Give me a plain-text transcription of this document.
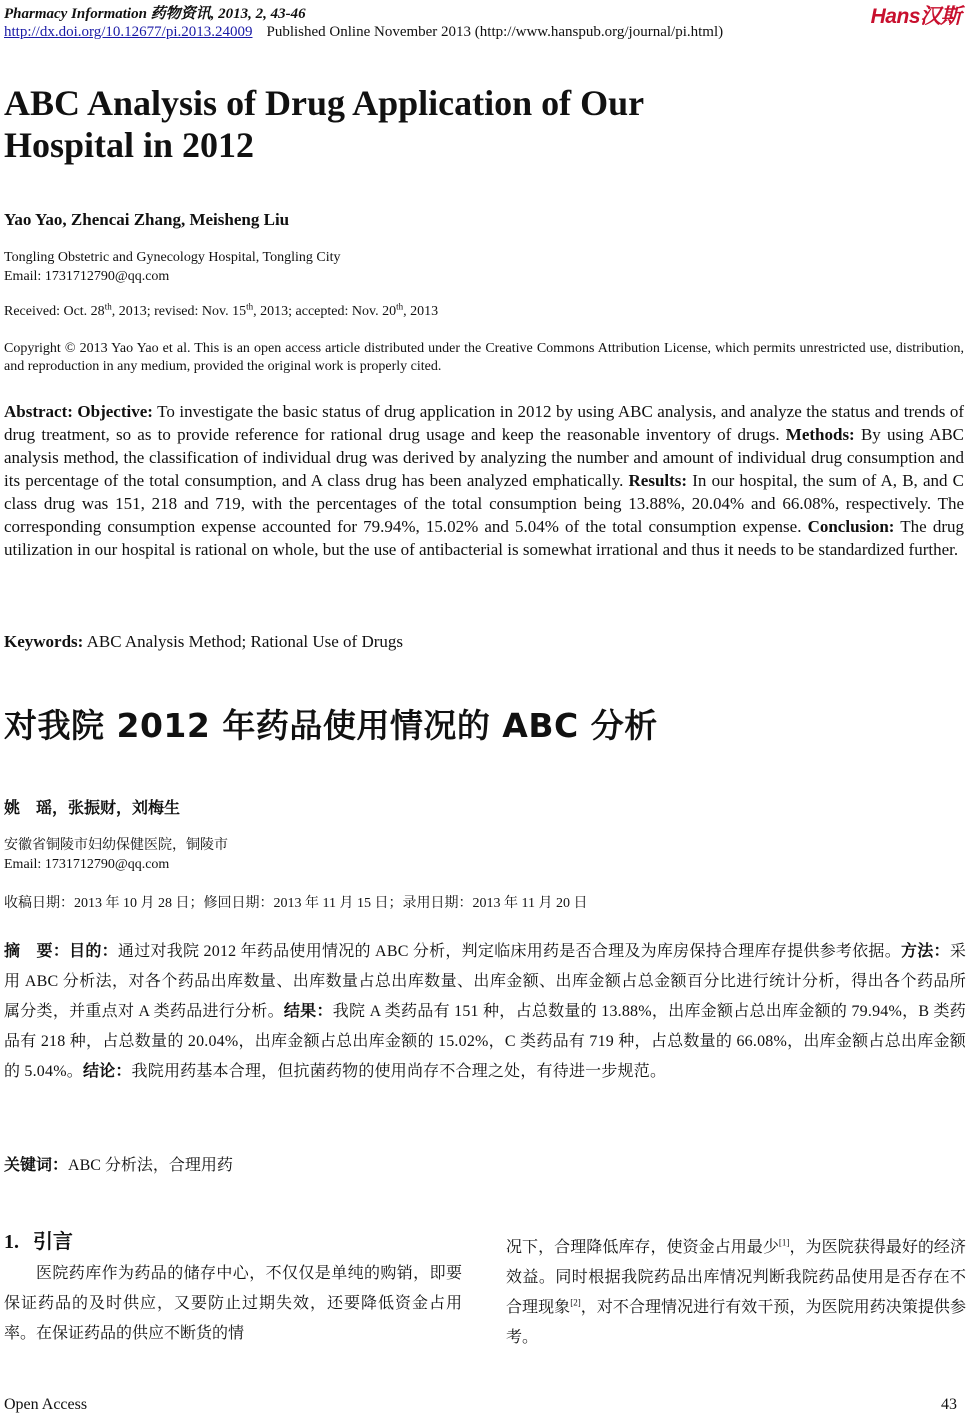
Pharmacy Information 药物资讯, 2013, 2, 43-46	Hans汉斯
http://dx.doi.org/10.12677/pi.2013.24009 Published Online November 2013 (http://www.hanspub.org/journal/pi.html)
ABC Analysis of Drug Application of Our Hospital in 2012
Yao Yao, Zhencai Zhang, Meisheng Liu
Tongling Obstetric and Gynecology Hospital, Tongling City
Email: 1731712790@qq.com
Received: Oct. 28th, 2013; revised: Nov. 15th, 2013; accepted: Nov. 20th, 2013
Copyright © 2013 Yao Yao et al. This is an open access article distributed under the Creative Commons Attribution License, which permits unrestricted use, distribution, and reproduction in any medium, provided the original work is properly cited.
Abstract: Objective: To investigate the basic status of drug application in 2012 by using ABC analysis, and analyze the status and trends of drug treatment, so as to provide reference for rational drug usage and keep the reasonable inventory of drugs. Methods: By using ABC analysis method, the classification of individual drug was derived by analyzing the number and amount of individual drug consumption and its percentage of the total consumption, and A class drug has been analyzed emphatically. Results: In our hospital, the sum of A, B, and C class drug was 151, 218 and 719, with the percentages of the total consumption being 13.88%, 20.04% and 66.08%, respectively. The corresponding consumption expense accounted for 79.94%, 15.02% and 5.04% of the total consumption expense. Conclusion: The drug utilization in our hospital is rational on whole, but the use of antibacterial is somewhat irrational and thus it needs to be standardized further.
Keywords: ABC Analysis Method; Rational Use of Drugs
对我院 2012 年药品使用情况的 ABC 分析
姚　瑶，张振财，刘梅生
安徽省铜陵市妇幼保健医院，铜陵市
Email: 1731712790@qq.com
收稿日期：2013 年 10 月 28 日；修回日期：2013 年 11 月 15 日；录用日期：2013 年 11 月 20 日
摘　要：目的：通过对我院 2012 年药品使用情况的 ABC 分析，判定临床用药是否合理及为库房保持合理库存提供参考依据。方法：采用 ABC 分析法，对各个药品出库数量、出库数量占总出库数量、出库金额、出库金额占总金额百分比进行统计分析，得出各个药品所属分类，并重点对 A 类药品进行分析。结果：我院 A 类药品有 151 种，占总数量的 13.88%，出库金额占总出库金额的 79.94%，B 类药品有 218 种，占总数量的 20.04%，出库金额占总出库金额的 15.02%，C 类药品有 719 种，占总数量的 66.08%，出库金额占总出库金额的 5.04%。结论：我院用药基本合理，但抗菌药物的使用尚存不合理之处，有待进一步规范。
关键词：ABC 分析法，合理用药
1. 引言

医院药库作为药品的储存中心，不仅仅是单纯的购销，即要保证药品的及时供应，又要防止过期失效，还要降低资金占用率。在保证药品的供应不断货的情

况下，合理降低库存，使资金占用最少[1]，为医院获得最好的经济效益。同时根据我院药品出库情况判断我院药品使用是否存在不合理现象[2]，对不合理情况进行有效干预，为医院用药决策提供参考。

Open Access	43
